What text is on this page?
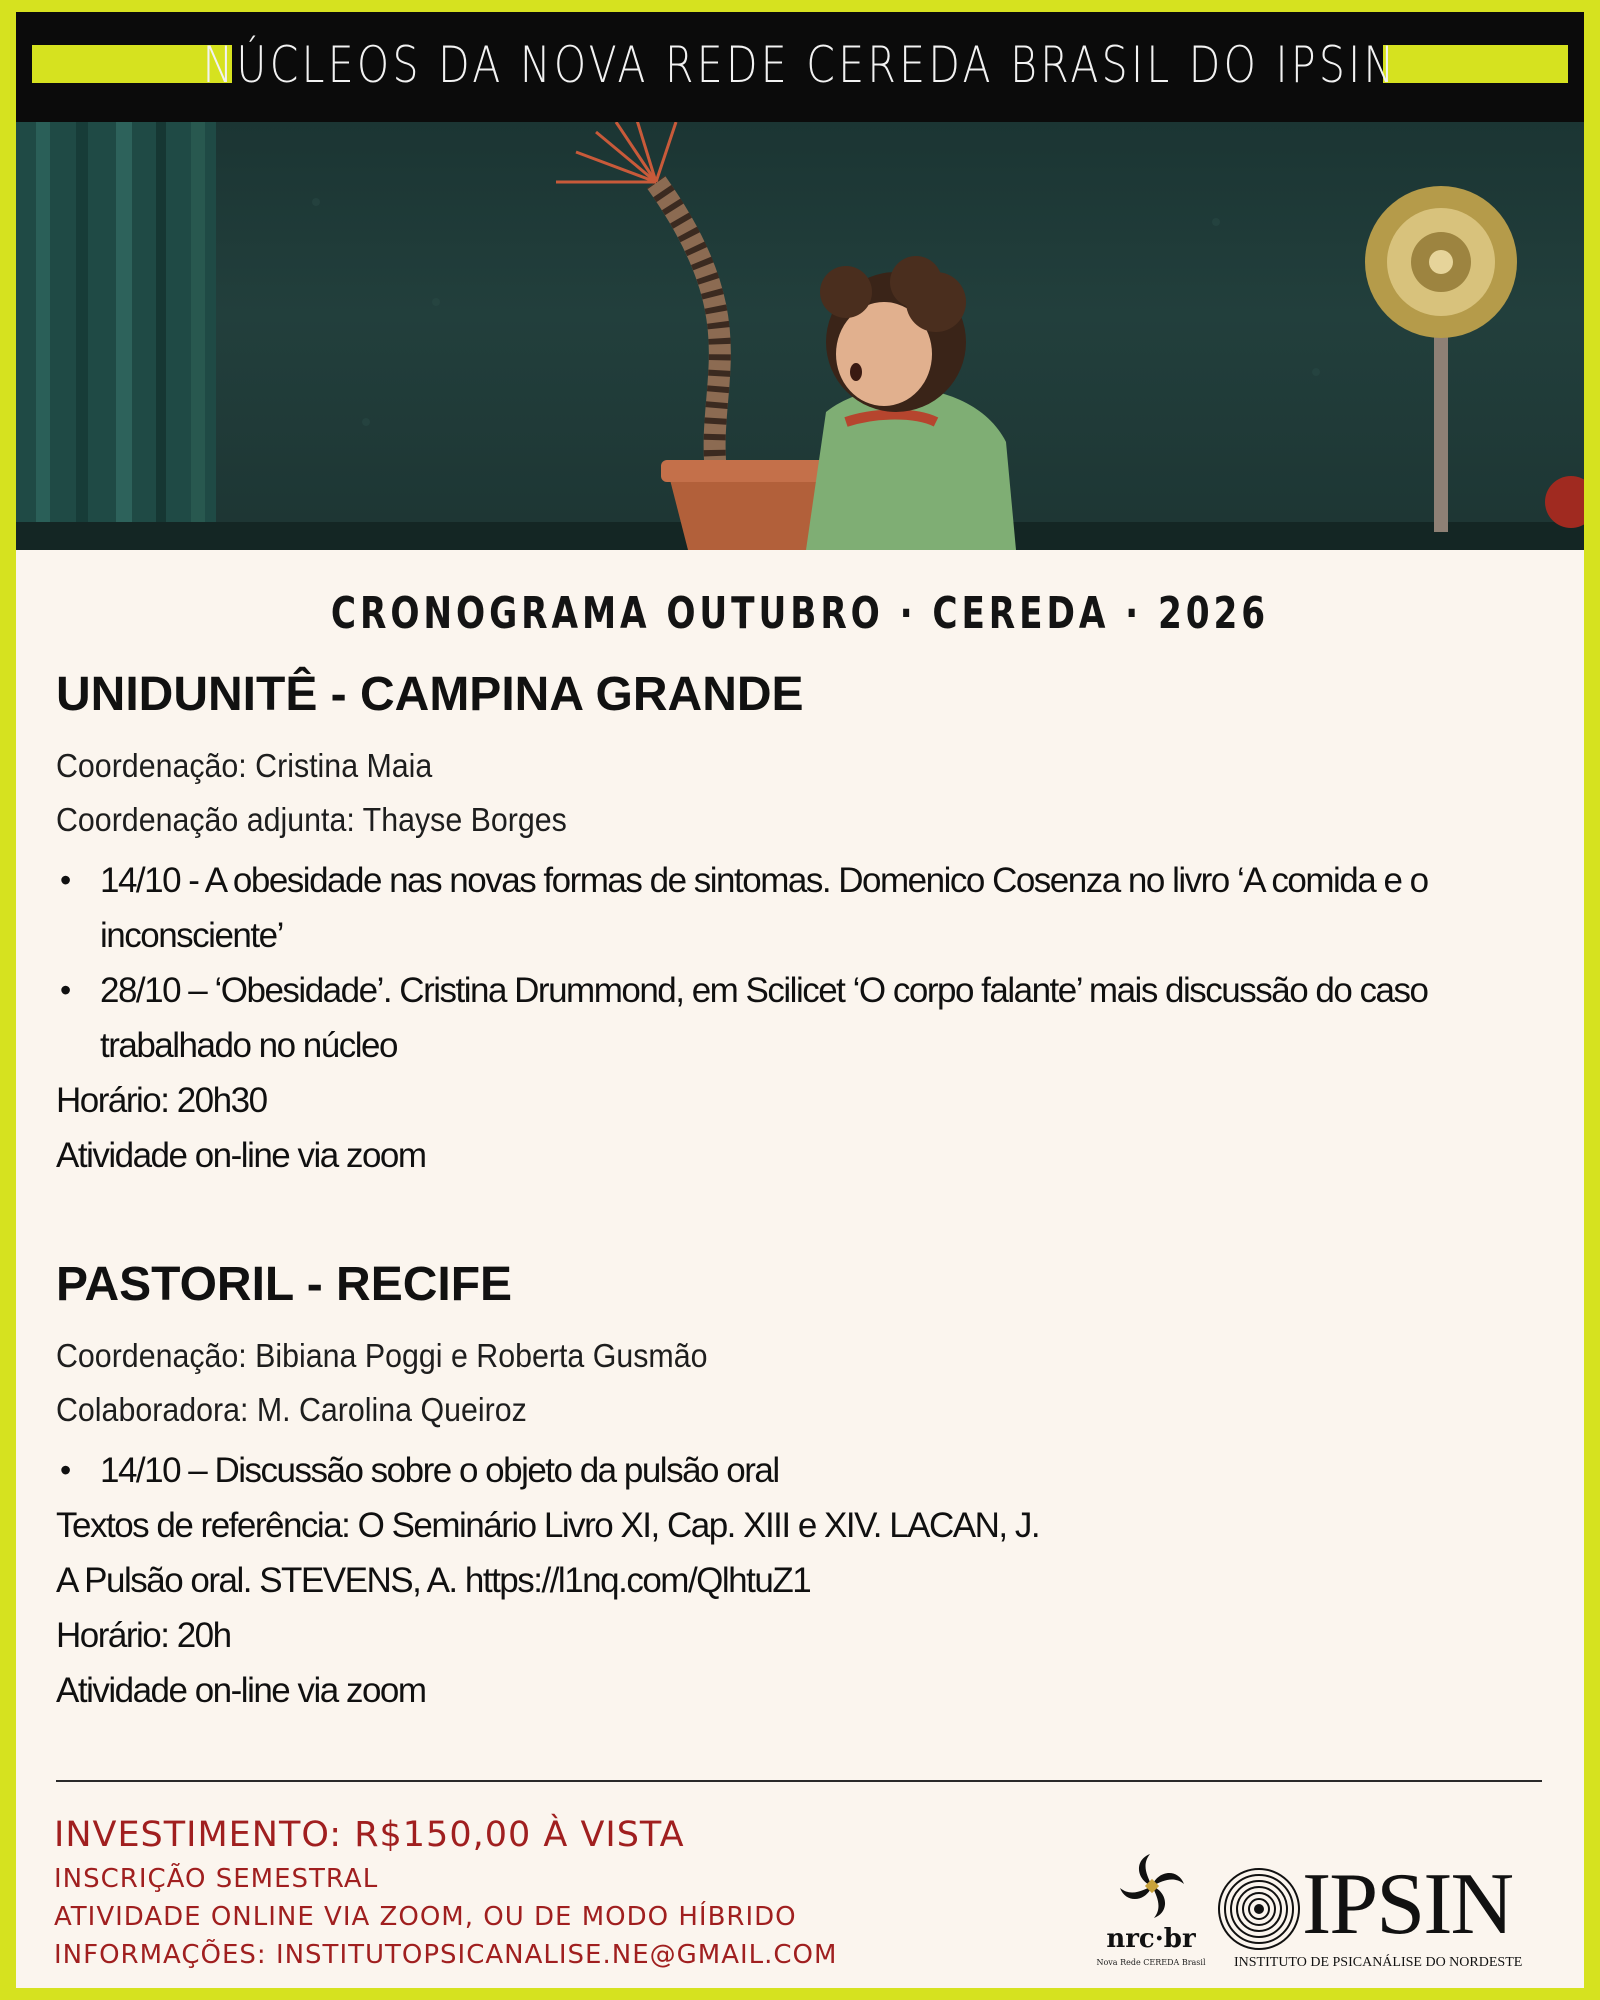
NÚCLEOS DA NOVA REDE CEREDA BRASIL DO IPSIN
CRONOGRAMA OUTUBRO · CEREDA · 2026
UNIDUNITÊ - CAMPINA GRANDE

Coordenação: Cristina Maia

Coordenação adjunta: Thayse Borges

• 14/10 - A obesidade nas novas formas de sintomas. Domenico Cosenza no livro ‘A comida e o inconsciente’
• 28/10 – ‘Obesidade’. Cristina Drummond, em Scilicet ‘O corpo falante’ mais discussão do caso trabalhado no núcleo

Horário: 20h30

Atividade on-line via zoom

PASTORIL - RECIFE

Coordenação: Bibiana Poggi e Roberta Gusmão

Colaboradora: M. Carolina Queiroz

• 14/10 – Discussão sobre o objeto da pulsão oral

Textos de referência: O Seminário Livro XI, Cap. XIII e XIV. LACAN, J.

A Pulsão oral. STEVENS, A. https://l1nq.com/QlhtuZ1

Horário: 20h

Atividade on-line via zoom

INVESTIMENTO: R$150,00 À VISTA

INSCRIÇÃO SEMESTRAL

ATIVIDADE ONLINE VIA ZOOM, OU DE MODO HÍBRIDO

INFORMAÇÕES: INSTITUTOPSICANALISE.NE@GMAIL.COM

nrc·br
Nova Rede CEREDA Brasil
IPSIN
INSTITUTO DE PSICANÁLISE DO NORDESTE
